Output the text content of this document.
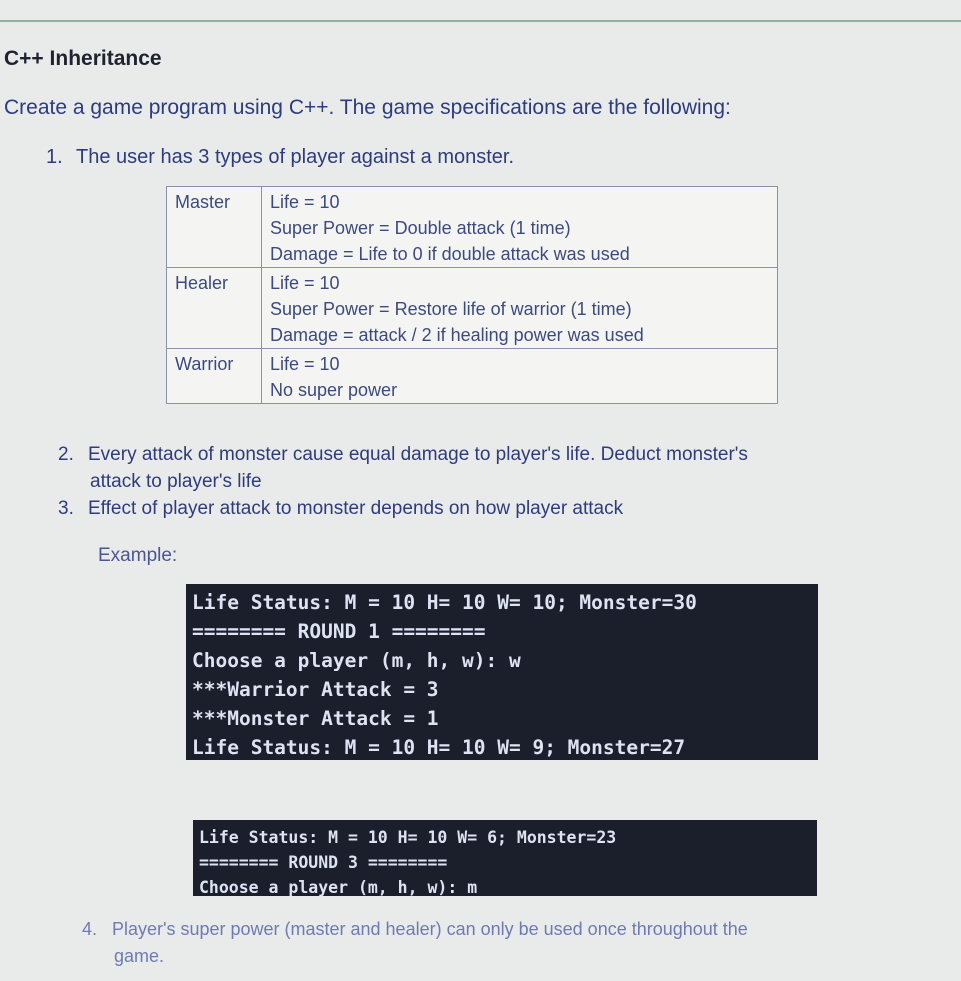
C++ Inheritance
Create a game program using C++. The game specifications are the following:
1. The user has 3 types of player against a monster.
Master	Life = 10
Super Power = Double attack (1 time)
Damage = Life to 0 if double attack was used

Healer	Life = 10
Super Power = Restore life of warrior (1 time)
Damage = attack / 2 if healing power was used

Warrior	Life = 10
No super power
2. Every attack of monster cause equal damage to player's life. Deduct monster's
attack to player's life
3. Effect of player attack to monster depends on how player attack
Example:
Life Status: M = 10 H= 10 W= 10; Monster=30
======== ROUND 1 ========
Choose a player (m, h, w): w
***Warrior Attack = 3
***Monster Attack = 1
Life Status: M = 10 H= 10 W= 9; Monster=27
Life Status: M = 10 H= 10 W= 6; Monster=23
======== ROUND 3 ========
Choose a player (m, h, w): m
4. Player's super power (master and healer) can only be used once throughout the
game.
